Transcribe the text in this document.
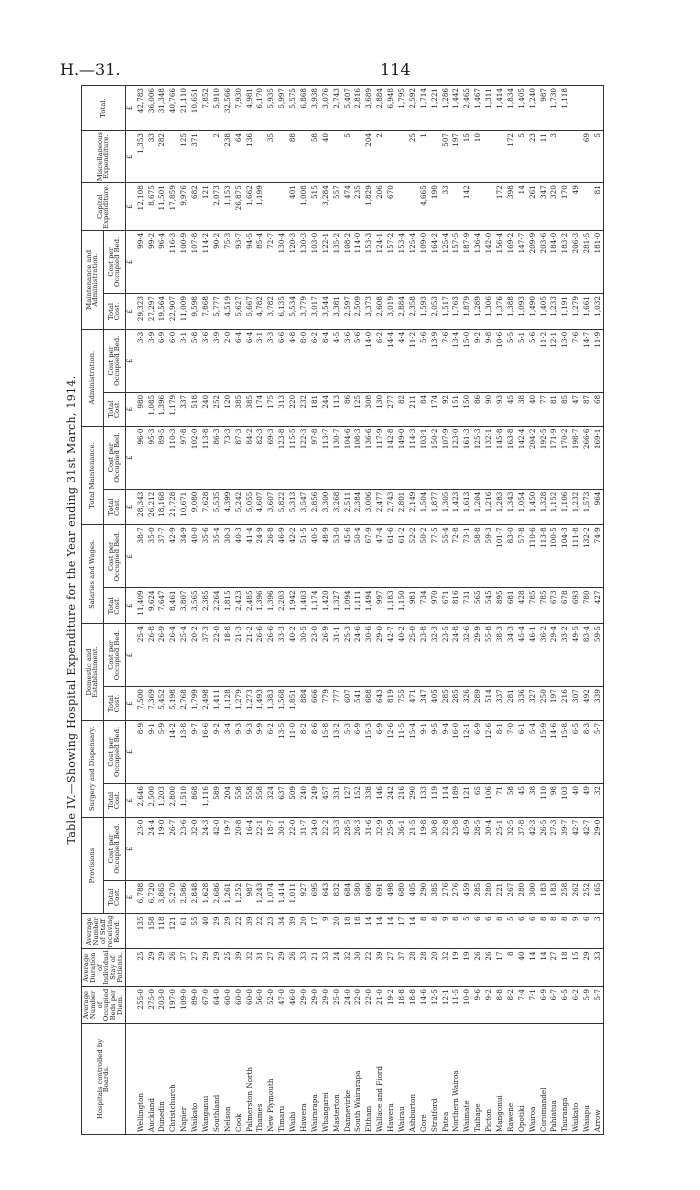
H.—31.	114
Table IV.—Showing Hospital Expenditure for the Year ending 31st March, 1914.
Hospitals controlled by Boards.	Average Number of Occupied Beds per Diem.	Average Duration of Individual Stay of Patients.	Average Number of Staff receiving Board.	Provisions		Surgery and Dispensary.		Domestic and Establishment.		Salaries and Wages.		Total Maintenance.		Administration.		Maintenance and Administration.		Capital Expenditure.	Miscellaneous Expenditure.	Total.
				Total Cost.	Cost per Occupied Bed.	Total Cost.	Cost per Occupied Bed.	Total Cost.	Cost per Occupied Bed.	Total Cost.	Cost per Occupied Bed.	Total Cost.	Cost per Occupied Bed.	Total Cost.	Cost per Occupied Bed.	Total Cost.	Cost per Occupied Bed.			
				£	£	£	£	£	£	£	£	£	£	£	£	£	£	£	£	£
Wellington	255·0	25	135	6,788	23·0	2,646	8·9	7,500	25·4	11,409	38·7	28,343	96·0	980	3·3	29,323	99·4	12,108	1,353	42,783
Auckland	275·0	29	158	6,720	24·4	2,500	9·1	7,369	26·8	9,624	35·0	26,212	95·3	1,085	3·9	27,297	99·2	8,675	33	36,006
Dunedin	203·0	29	118	3,865	19·0	1,203	5·9	5,452	26·9	7,647	37·7	18,168	89·5	1,396	6·9	19,564	96·4	11,501	282	31,348
Christchurch	197·0	26	121	5,270	26·7	2,800	14·2	5,198	26·4	8,461	42·9	21,728	110·3	1,179	6·0	22,907	116·3	17,859		40,766
Napier	109·0	37	61	2,586	23·6	1,510	13·8	2,768	25·4	3,807	34·9	10,671	97·8	337	3·1	11,009	100·9	9,976	125	21,110
Waikato	89·0	27	55	2,848	32·0	868	9·7	1,799	20·2	3,565	40·0	9,080	102·0	518	5·8	9,598	107·8	682	371	10,651
Wanganui	67·0	29	40	1,628	24·3	1,116	16·6	2,498	37·3	2,385	35·6	7,628	113·8	240	3·6	7,868	114·2	121		7,852
Southland	64·0	29	29	2,686	42·0	589	9·2	1,411	22·0	2,264	35·4	5,535	86·3	252	3·9	5,777	90·2	2,073	2	5,910
Nelson	60·0	25	29	1,261	19·7	204	3·4	1,128	18·8	1,815	30·3	4,399	73·3	120	2·0	4,519	75·3	1,153	238	32,566
Cook	60·0	39	22	1,252	20·8	558	9·3	1,279	21·3	2,423	40·3	5,242	87·3	385	6·4	5,627	93·7	26,875	64	7,930
Palmerston North	60·0	32	39	987	16·4	558	9·3	1,273	21·2	2,485	41·4	5,055	84·2	385	6·4	5,667	94·5	1,662	136	4,981
Thames	56·0	31	22	1,243	22·1	558	9·9	1,493	26·6	1,396	24·9	4,607	82·3	174	3·1	4,782	85·4	1,199		6,170
New Plymouth	52·0	27	23	1,074	18·7	324	6·2	1,383	26·6	1,396	26·8	3,607	69·3	175	3·3	3,782	72·7		35	5,935
Timaru	47·0	29	34	1,414	30·1	637	13·5	1,568	33·3	2,203	46·9	5,822	123·8	313	6·6	6,135	130·4			5,997
Waihi	46·0	26	39	1,011	22·0	509	11·0	1,851	40·2	1,942	42·2	5,313	115·5	220	4·8	5,534	120·3	401	88	5,575
Hawera	29·0	33	20	927	31·7	240	8·2	884	30·5	1,403	51·5	3,547	122·3	232	8·0	3,779	130·3	1,008		6,868
Wairarapa	29·0	21	17	695	24·0	249	8·6	666	23·0	1,174	40·5	2,856	97·8	181	6·2	3,017	103·0	515	58	3,938
Whangarei	29·0	33	9	643	22·2	457	15·8	779	26·9	1,420	48·9	3,300	113·7	244	8·4	3,544	122·1	3,284	40	3,076
Masterton	25·0	24	20	832	33·3	331	13·2	777	31·1	1,327	53·0	3,268	130·7	113	4·5	3,381	135·2	557		2,743
Dannevirke	24·0	32	18	684	28·5	127	5·3	607	25·3	1,094	45·6	2,511	104·6	86	3·6	2,597	108·2	474	5	5,407
South Wairarapa	22·0	30	18	580	26·3	152	6·9	541	24·6	1,111	50·4	2,384	108·3	125	5·6	2,509	114·0	235		2,816
Eltham	22·0	22	14	696	31·6	338	15·3	688	30·6	1,494	67·9	3,006	136·6	308	14·0	3,373	153·3	1,829	204	3,689
Wallace and Fiord	21·0	39	14	691	32·9	146	6·9	643	29·0	997	47·4	2,477	117·9	130	6·2	2,608	124·1	206	2	2,884
Hawera	19·2	27	14	498	25·9	242	12·6	819	42·7	1,183	61·6	2,743	142·8	277	14·4	3,019	157·2	670		6,948
Wairau	18·8	37	17	680	36·1	216	11·5	755	40·2	1,150	61·2	2,801	149·0	82	4·4	2,884	153·4			1,795
Ashburton	18·8	28	14	405	21·5	290	15·4	471	25·0	981	52·2	2,149	114·3	211	11·2	2,358	125·4		25	2,592
Gore	14·6	28	8	290	19·8	133	9·1	347	23·8	734	50·2	1,504	103·1	84	5·6	1,593	109·0	4,665	1	1,714
Stratford	12·5	20	8	385	30·8	119	9·5	405	32·3	970	77·5	1,877	150·2	174	13·9	2,053	164·2	190		1,221
Patea	12·1	32	9	276	22·8	114	9·4	285	23·5	671	55·4	1,305	107·9	92	7·6	1,517	125·4	33	507	1,286
Northern Wairoa	11·5	19	8	276	23·8	189	16·0	285	24·8	816	72·8	1,423	123·0	151	13·4	1,763	157·5		197	1,442
Waimate	10·0	19	5	459	45·9	121	12·1	326	32·6	731	73·1	1,613	161·3	150	15·0	1,879	187·9	142	15	2,465
Taihape	9·6	26	6	285	28·5	65	6·9	289	29·9	565	58·8	1,204	125·3	86	9·2	1,289	136·4		10	1,467
Picton	9·2	26	6	280	30·4	106	12·6	514	55·8	545	59·3	1,216	132·1	90	9·8	1,306	142·0			1,311
Mangonui	8·8	17	8	221	25·1	71	8·1	337	38·3	895	101·7	1,283	145·8	93	10·6	1,376	156·4	172		1,414
Rawene	8·2	8	5	267	32·5	58	7·0	281	34·3	681	83·0	1,343	163·8	45	5·5	1,388	169·2	398	172	1,834
Opotiki	7·4	40	6	280	37·8	45	6·1	336	45·4	428	57·8	1,054	142·4	38	5·1	1,093	147·7	14	5	1,405
Wairoa	7·1	14	6	300	42·3	38	5·4	327	46·1	785	110·6	1,450	204·2	40	5·6	1,490	209·9	261	23	1,240
Coromandel	6·9	14	8	183	26·5	110	15·9	250	36·2	785	113·8	1,328	192·5	77	11·2	1,405	203·6	347	11	987
Pahiatua	6·7	27	8	183	27·3	98	14·6	197	29·4	673	100·5	1,152	171·9	81	12·1	1,233	184·0	320	3	1,730
Tauranga	6·5	18	8	258	39·7	103	15·8	216	33·2	678	104·3	1,106	170·2	85	13·0	1,191	183·2	170		1,118
Waikato	6·2	15	9	262	42·7	40	6·5	307	49·5	693	111·8	1,232	198·7	47	7·6	1,279	206·3	49		
Waiapu	5·9	29	6	252	42·7	49	8·3	492	83·4	780	132·2	1,573	266·6	87	14·7	1,661	281·5		69	
Arrow	5·7	33	3	165	29·0	32	5·7	339	59·5	427	74·9	964	169·1	68	11·9	1,032	181·0	81	5	
